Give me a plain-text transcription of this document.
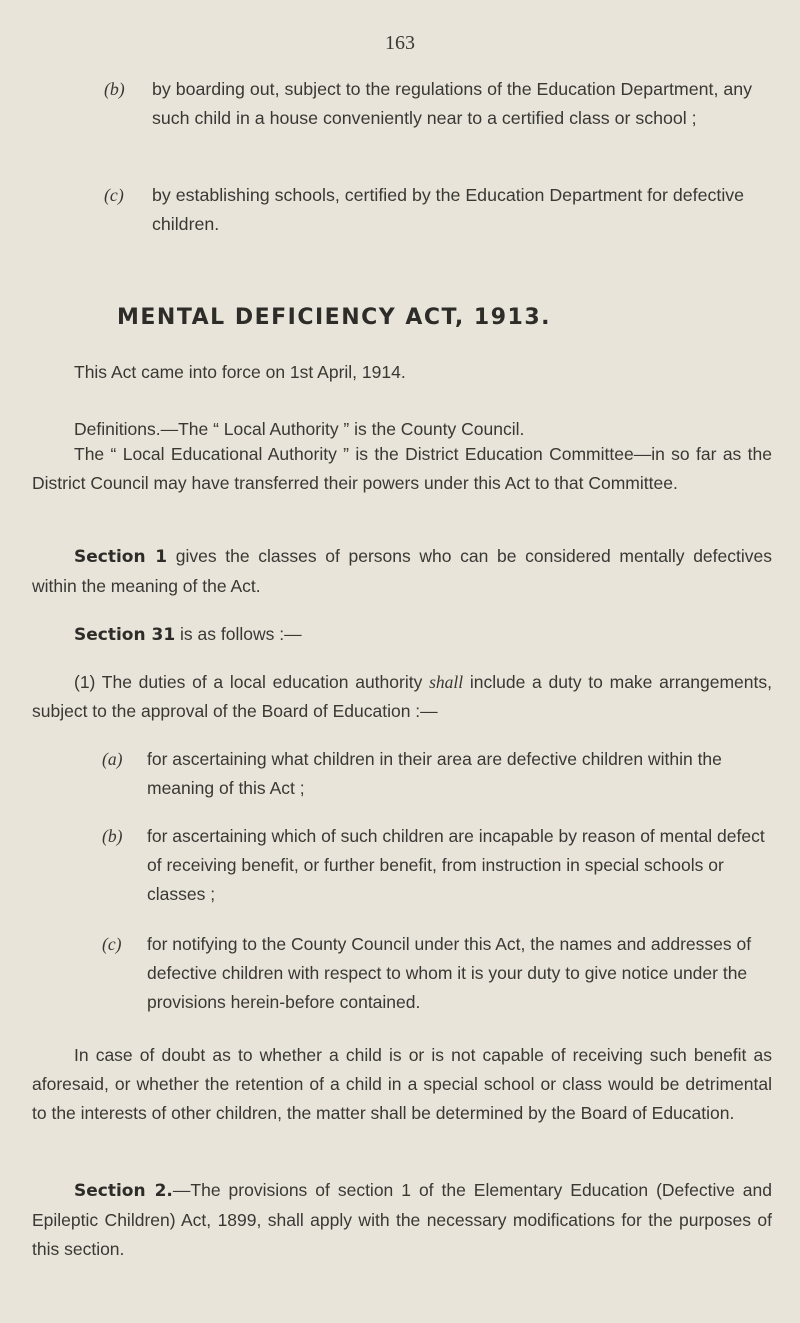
163
(b) by boarding out, subject to the regulations of the Education Department, any such child in a house conveniently near to a certified class or school ;
(c) by establishing schools, certified by the Education Department for defective children.
MENTAL DEFICIENCY ACT, 1913.
This Act came into force on 1st April, 1914.
Definitions.—The “ Local Authority ” is the County Council.
The “ Local Educational Authority ” is the District Education Committee—in so far as the District Council may have transferred their powers under this Act to that Committee.
Section 1 gives the classes of persons who can be considered mentally defectives within the meaning of the Act.
Section 31 is as follows :—
(1) The duties of a local education authority shall include a duty to make arrangements, subject to the approval of the Board of Education :—
(a) for ascertaining what children in their area are defective children within the meaning of this Act ;
(b) for ascertaining which of such children are incapable by reason of mental defect of receiving benefit, or further benefit, from instruction in special schools or classes ;
(c) for notifying to the County Council under this Act, the names and addresses of defective children with respect to whom it is your duty to give notice under the provisions herein-before contained.
In case of doubt as to whether a child is or is not capable of receiving such benefit as aforesaid, or whether the retention of a child in a special school or class would be detrimental to the interests of other children, the matter shall be determined by the Board of Education.
Section 2.—The provisions of section 1 of the Elementary Education (Defective and Epileptic Children) Act, 1899, shall apply with the necessary modifications for the purposes of this section.
